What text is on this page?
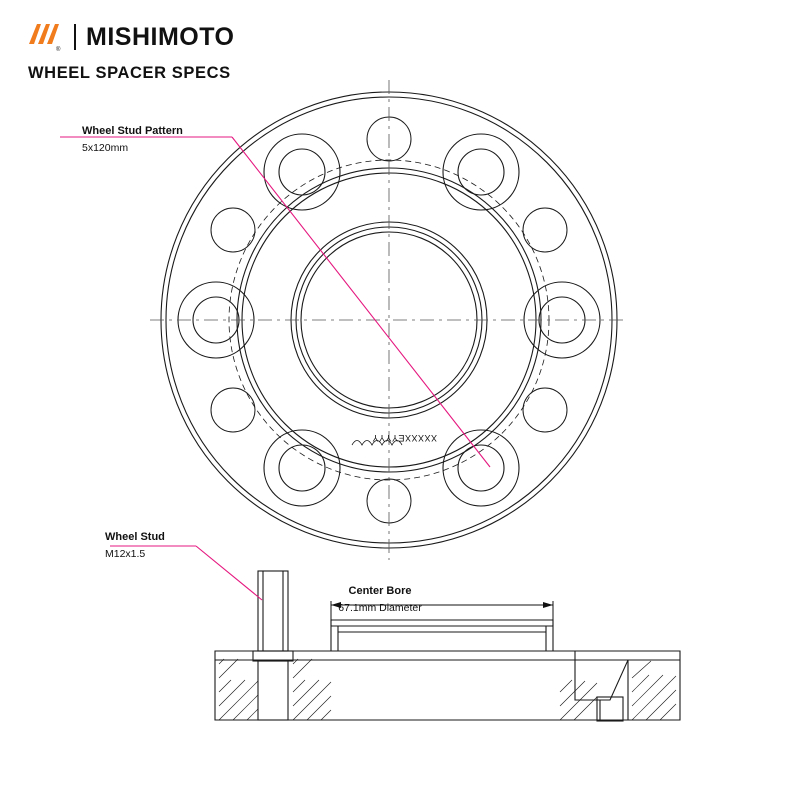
® MISHIMOTO
WHEEL SPACER SPECS
Wheel Stud Pattern
5x120mm
Wheel Stud
M12x1.5
Center Bore
67.1mm Diameter
XXXXXEYYYY
